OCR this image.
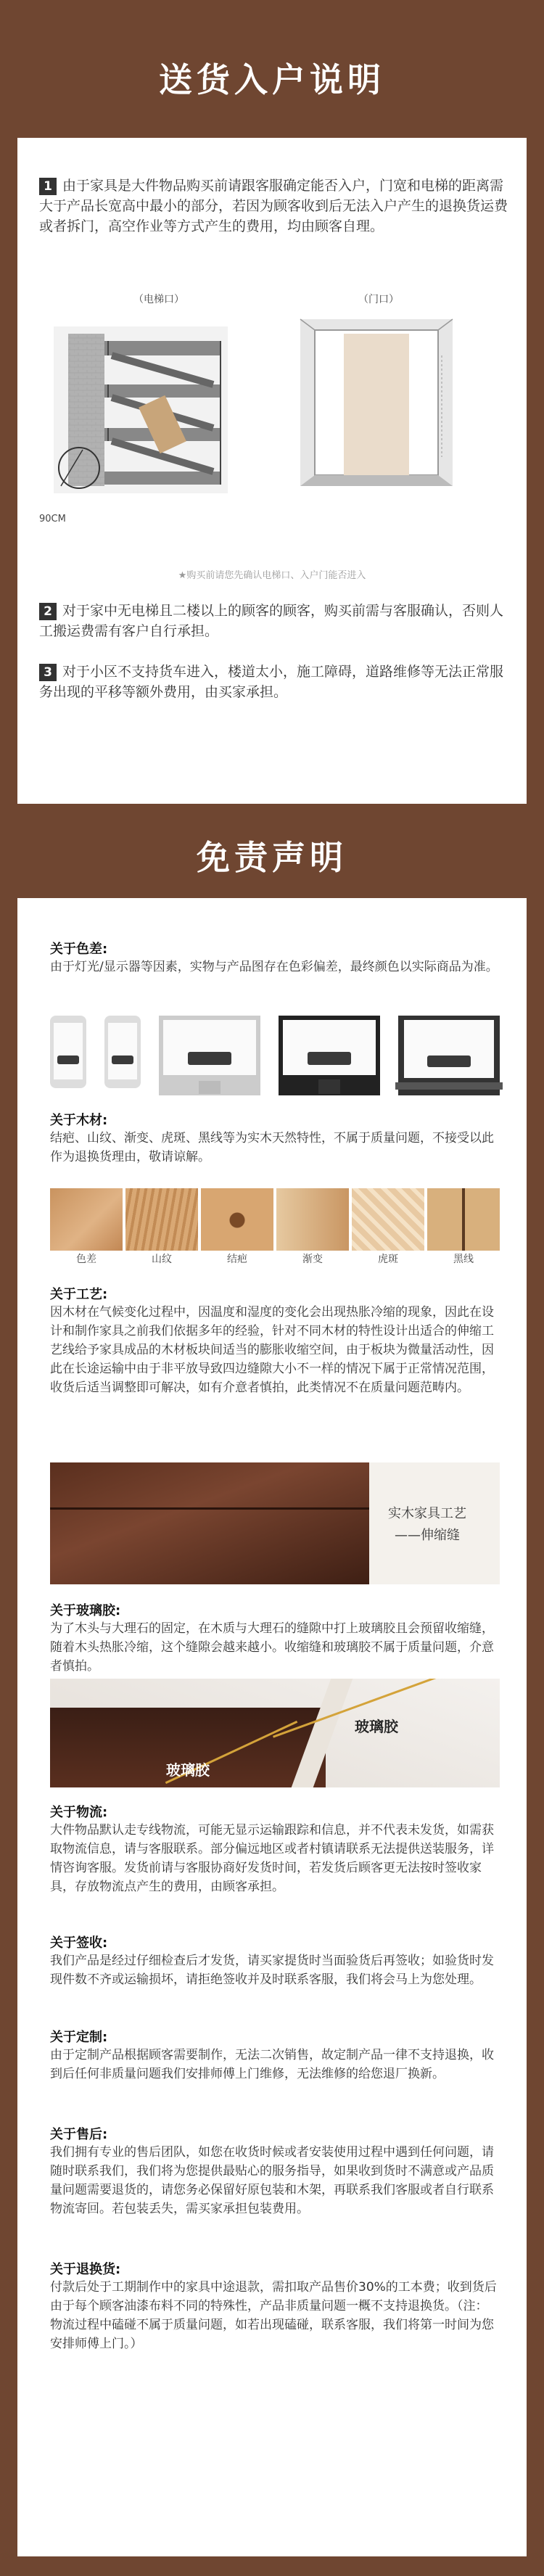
送货入户说明
1 由于家具是大件物品购买前请跟客服确定能否入户，门宽和电梯的距离需大于产品长宽高中最小的部分，若因为顾客收到后无法入户产生的退换货运费或者拆门，高空作业等方式产生的费用，均由顾客自理。
（电梯口）	（门口）
90CM
★购买前请您先确认电梯口、入户门能否进入
2 对于家中无电梯且二楼以上的顾客的顾客，购买前需与客服确认，否则人工搬运费需有客户自行承担。
3 对于小区不支持货车进入，楼道太小，施工障碍，道路维修等无法正常服务出现的平移等额外费用，由买家承担。
免责声明
关于色差:
由于灯光/显示器等因素，实物与产品图存在色彩偏差，最终颜色以实际商品为准。
关于木材:
结疤、山纹、渐变、虎斑、黑线等为实木天然特性，不属于质量问题，不接受以此作为退换货理由，敬请谅解。
色差	山纹	结疤	渐变	虎斑	黑线
关于工艺:
因木材在气候变化过程中，因温度和湿度的变化会出现热胀冷缩的现象，因此在设计和制作家具之前我们依据多年的经验，针对不同木材的特性设计出适合的伸缩工艺线给予家具成品的木材板块间适当的膨胀收缩空间，由于板块为微量活动性，因此在长途运输中由于非平放导致四边缝隙大小不一样的情况下属于正常情况范围，收货后适当调整即可解决，如有介意者慎拍，此类情况不在质量问题范畴内。
实木家具工艺
——伸缩缝
关于玻璃胶:
为了木头与大理石的固定，在木质与大理石的缝隙中打上玻璃胶且会预留收缩缝，随着木头热胀冷缩，这个缝隙会越来越小。收缩缝和玻璃胶不属于质量问题，介意者慎拍。
玻璃胶
玻璃胶
关于物流:
大件物品默认走专线物流，可能无显示运输跟踪和信息，并不代表未发货，如需获取物流信息，请与客服联系。部分偏远地区或者村镇请联系无法提供送装服务，详情咨询客服。发货前请与客服协商好发货时间，若发货后顾客更无法按时签收家具，存放物流点产生的费用，由顾客承担。
关于签收:
我们产品是经过仔细检查后才发货，请买家提货时当面验货后再签收；如验货时发现件数不齐或运输损坏，请拒绝签收并及时联系客服，我们将会马上为您处理。
关于定制:
由于定制产品根据顾客需要制作，无法二次销售，故定制产品一律不支持退换，收到后任何非质量问题我们安排师傅上门维修，无法维修的给您退厂换新。
关于售后:
我们拥有专业的售后团队，如您在收货时候或者安装使用过程中遇到任何问题，请随时联系我们，我们将为您提供最贴心的服务指导，如果收到货时不满意或产品质量问题需要退货的，请您务必保留好原包装和木架，再联系我们客服或者自行联系物流寄回。若包装丢失，需买家承担包装费用。
关于退换货:
付款后处于工期制作中的家具中途退款，需扣取产品售价30%的工本费；收到货后由于每个顾客油漆布料不同的特殊性，产品非质量问题一概不支持退换货。（注：物流过程中磕碰不属于质量问题，如若出现磕碰，联系客服，我们将第一时间为您安排师傅上门。）
